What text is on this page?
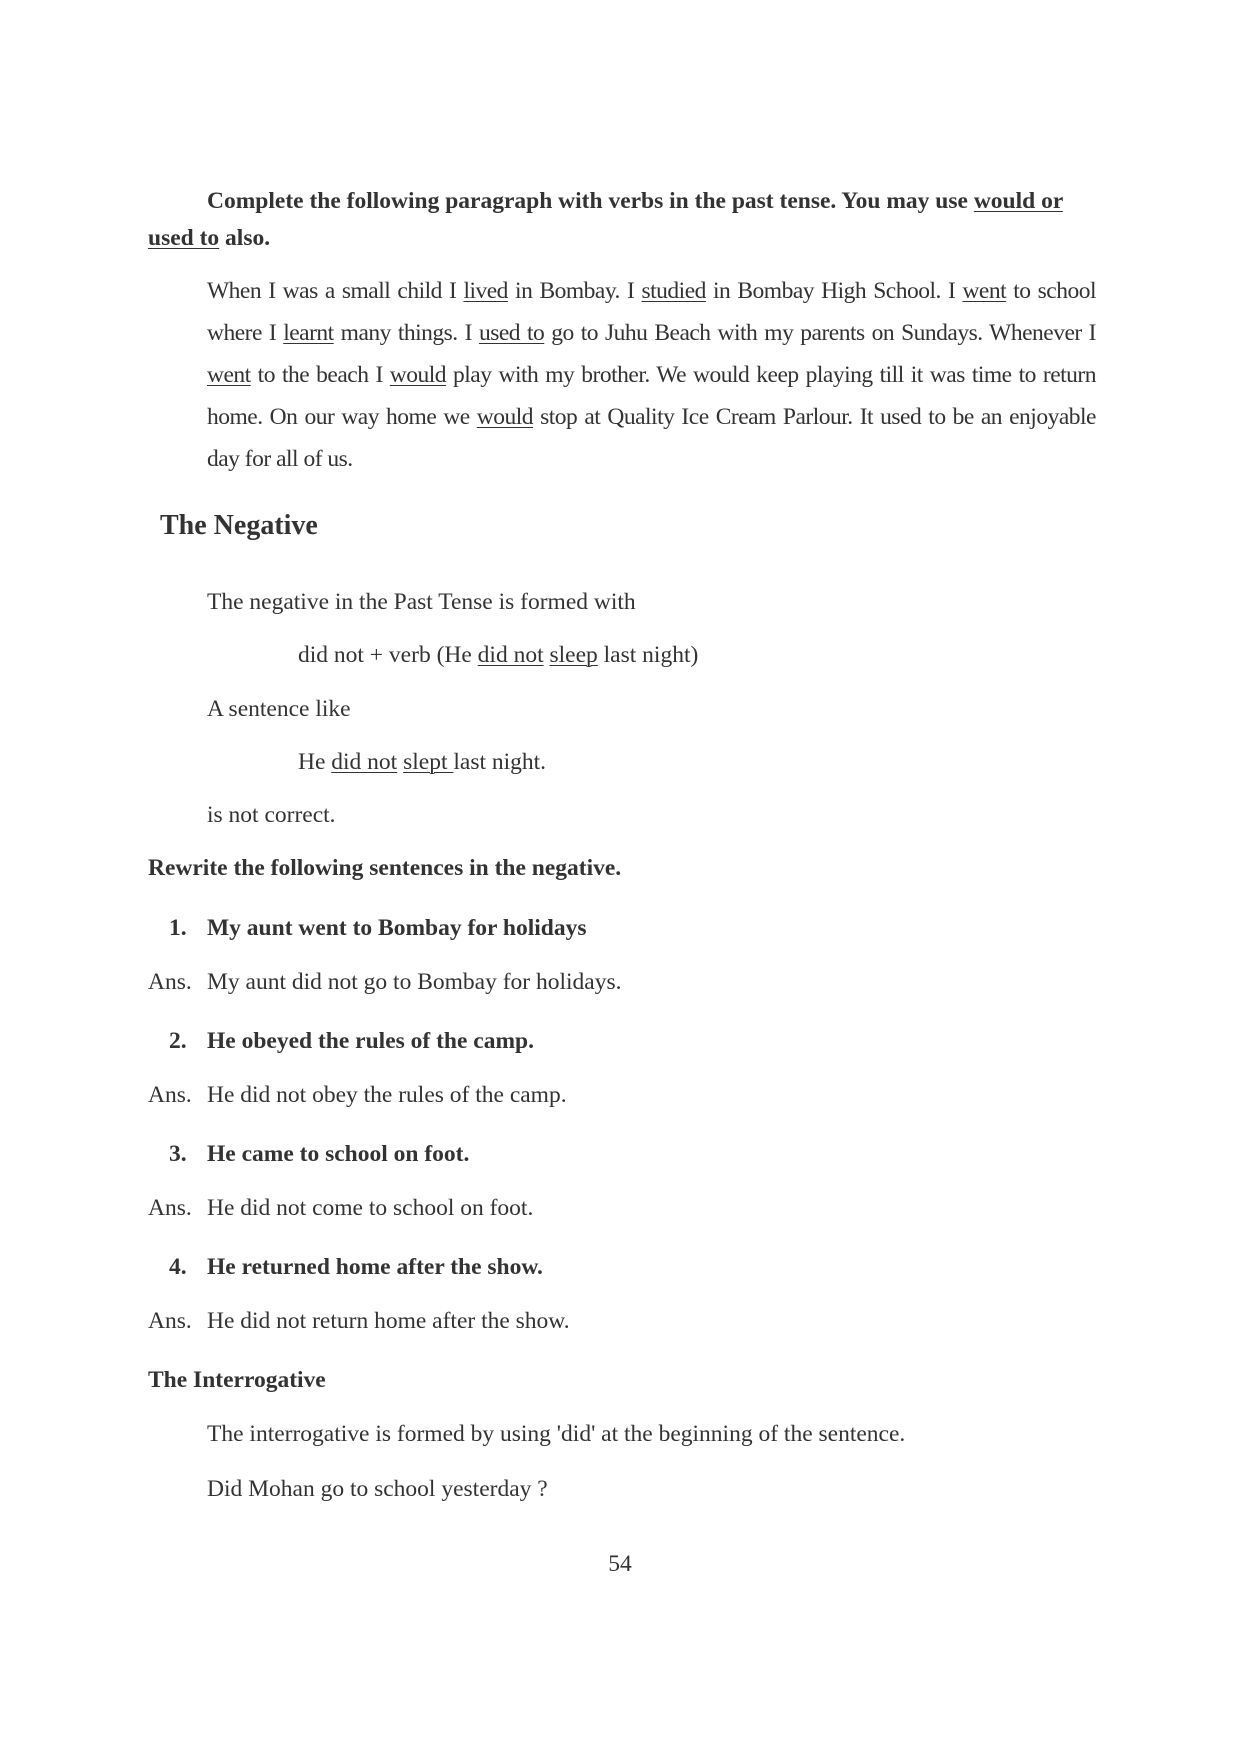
Complete the following paragraph with verbs in the past tense. You may use would or used to also.
When I was a small child I lived in Bombay. I studied in Bombay High School. I went to school where I learnt many things. I used to go to Juhu Beach with my parents on Sundays. Whenever I went to the beach I would play with my brother. We would keep playing till it was time to return home. On our way home we would stop at Quality Ice Cream Parlour. It used to be an enjoyable day for all of us.
The Negative
The negative in the Past Tense is formed with
did not + verb (He did not sleep last night)
A sentence like
He did not slept last night.
is not correct.
Rewrite the following sentences in the negative.
1. My aunt went to Bombay for holidays
Ans. My aunt did not go to Bombay for holidays.
2. He obeyed the rules of the camp.
Ans. He did not obey the rules of the camp.
3. He came to school on foot.
Ans. He did not come to school on foot.
4. He returned home after the show.
Ans. He did not return home after the show.
The Interrogative
The interrogative is formed by using 'did' at the beginning of the sentence.
Did Mohan go to school yesterday ?
54
